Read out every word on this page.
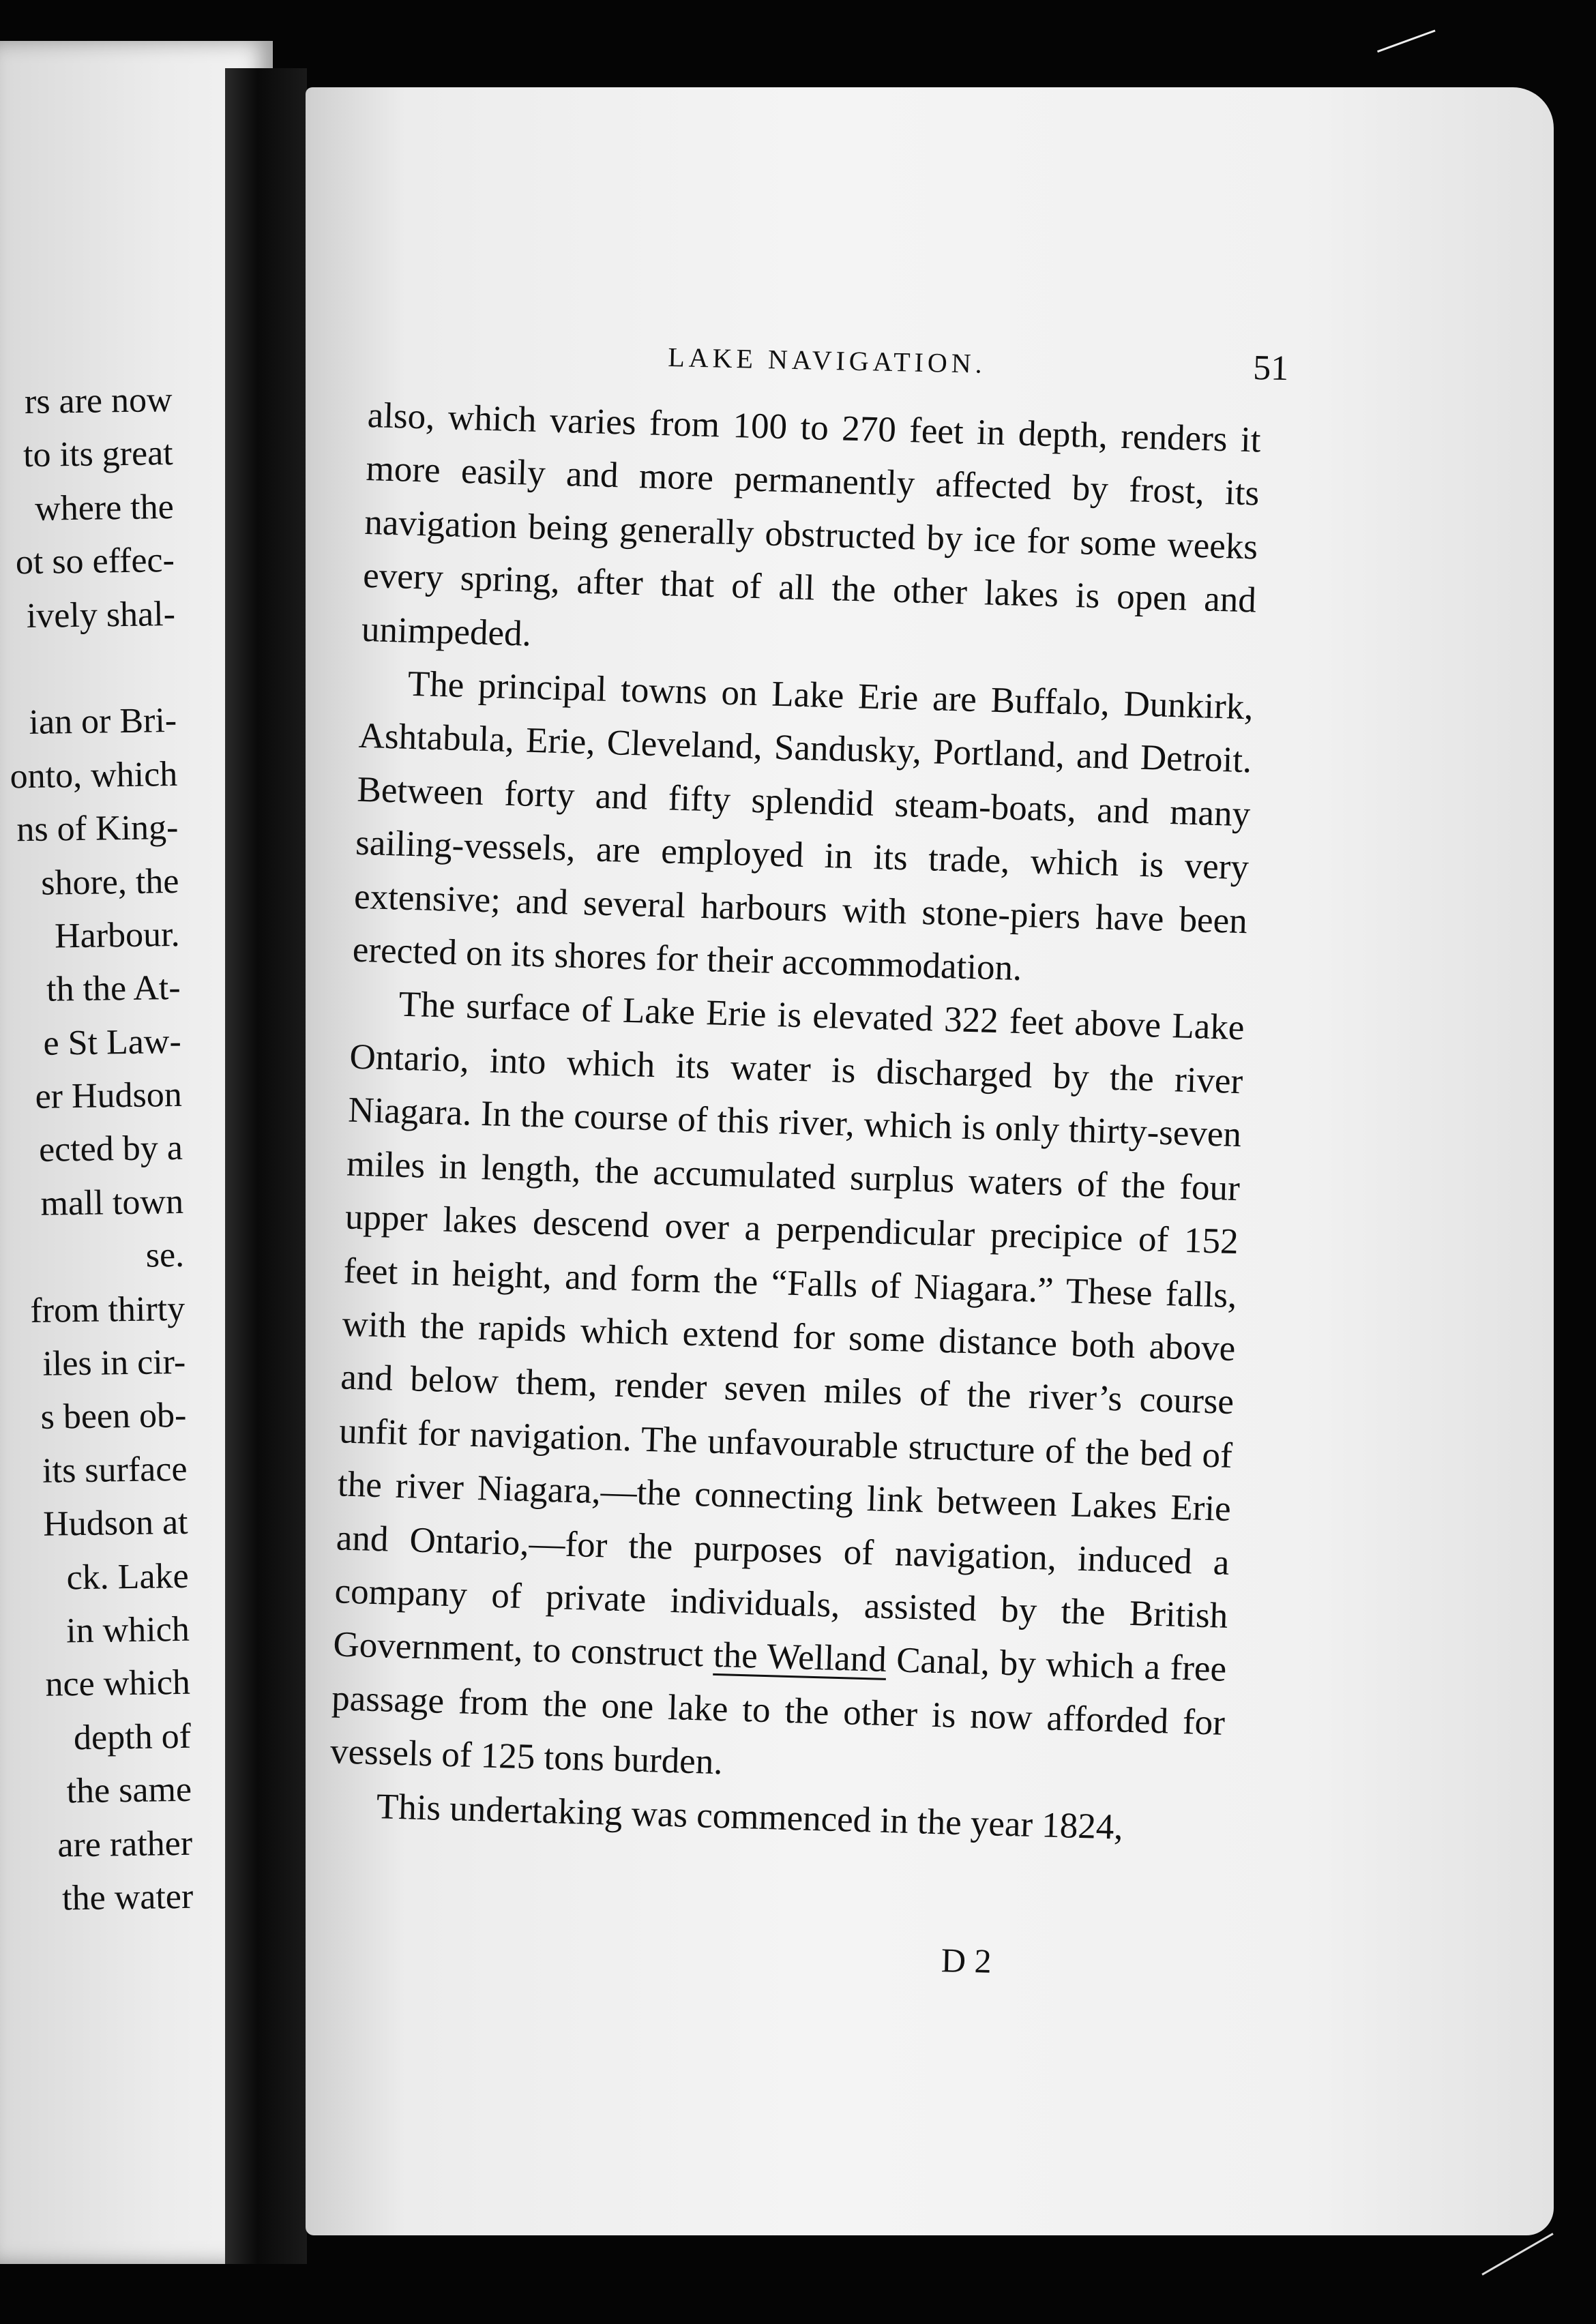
rs are now
to its great
where the
ot so effec-
ively shal-
ian or Bri-
onto, which
ns of King-
shore, the
Harbour.
th the At-
e St Law-
er Hudson
ected by a
mall town
se.
from thirty
iles in cir-
s been ob-
its surface
Hudson at
ck. Lake
in which
nce which
depth of
the same
are rather
the water
LAKE NAVIGATION.	51

also, which varies from 100 to 270 feet in depth, renders it more easily and more permanently affected by frost, its navigation being generally obstructed by ice for some weeks every spring, after that of all the other lakes is open and unimpeded.

The principal towns on Lake Erie are Buffalo, Dunkirk, Ashtabula, Erie, Cleveland, Sandusky, Portland, and Detroit. Between forty and fifty splendid steam-boats, and many sailing-vessels, are employed in its trade, which is very extensive; and several harbours with stone-piers have been erected on its shores for their accommodation.

The surface of Lake Erie is elevated 322 feet above Lake Ontario, into which its water is discharged by the river Niagara. In the course of this river, which is only thirty-seven miles in length, the accumulated surplus waters of the four upper lakes descend over a perpendicular precipice of 152 feet in height, and form the “Falls of Niagara.” These falls, with the rapids which extend for some distance both above and below them, render seven miles of the river’s course unfit for navigation. The unfavourable structure of the bed of the river Niagara,—the connecting link between Lakes Erie and Ontario,—for the purposes of navigation, induced a company of private individuals, assisted by the British Government, to construct the Welland Canal, by which a free passage from the one lake to the other is now afforded for vessels of 125 tons burden.

This undertaking was commenced in the year 1824,

D 2
